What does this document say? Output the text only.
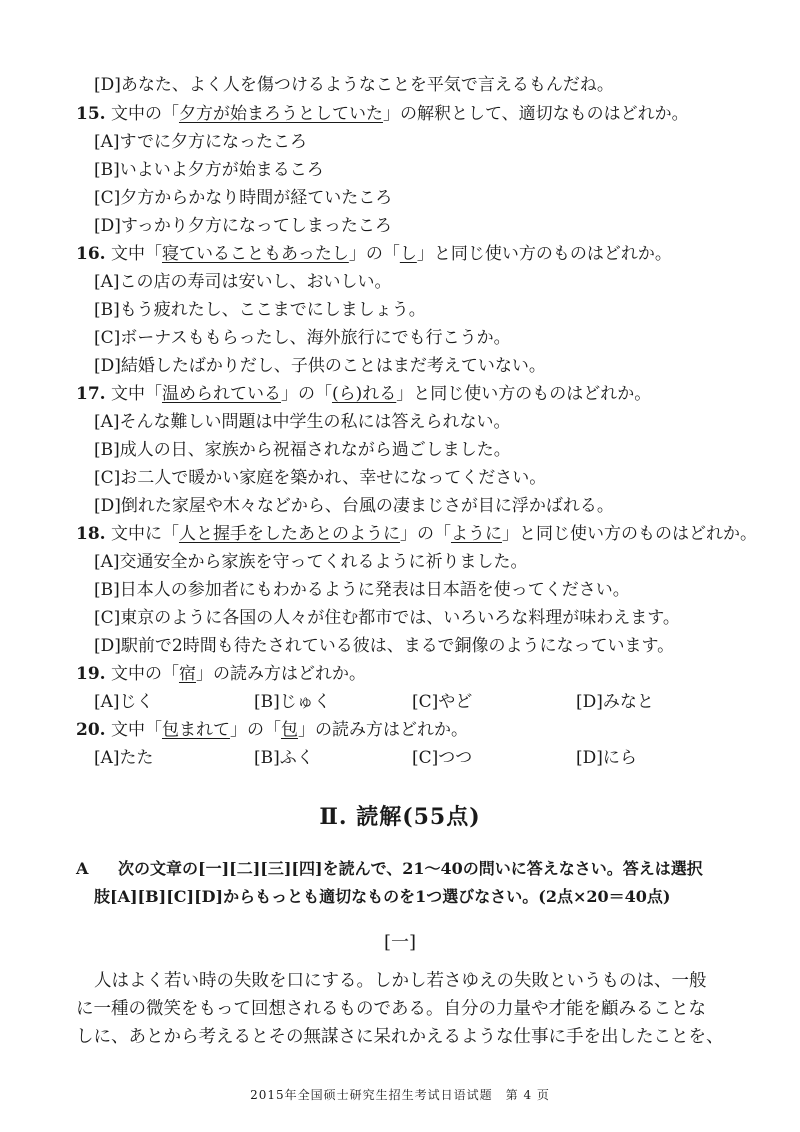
[D]あなた、よく人を傷つけるようなことを平気で言えるもんだね。
15. 文中の「夕方が始まろうとしていた」の解釈として、適切なものはどれか。
[A]すでに夕方になったころ
[B]いよいよ夕方が始まるころ
[C]夕方からかなり時間が経ていたころ
[D]すっかり夕方になってしまったころ
16. 文中「寝ていることもあったし」の「し」と同じ使い方のものはどれか。
[A]この店の寿司は安いし、おいしい。
[B]もう疲れたし、ここまでにしましょう。
[C]ボーナスももらったし、海外旅行にでも行こうか。
[D]結婚したばかりだし、子供のことはまだ考えていない。
17. 文中「温められている」の「(ら)れる」と同じ使い方のものはどれか。
[A]そんな難しい問題は中学生の私には答えられない。
[B]成人の日、家族から祝福されながら過ごしました。
[C]お二人で暖かい家庭を築かれ、幸せになってください。
[D]倒れた家屋や木々などから、台風の凄まじさが目に浮かばれる。
18. 文中に「人と握手をしたあとのように」の「ように」と同じ使い方のものはどれか。
[A]交通安全から家族を守ってくれるように祈りました。
[B]日本人の参加者にもわかるように発表は日本語を使ってください。
[C]東京のように各国の人々が住む都市では、いろいろな料理が味わえます。
[D]駅前で2時間も待たされている彼は、まるで銅像のようになっています。
19. 文中の「宿」の読み方はどれか。
[A]じく	[B]じゅく	[C]やど	[D]みなと
20. 文中「包まれて」の「包」の読み方はどれか。
[A]たた	[B]ふく	[C]つつ	[D]にら
Ⅱ. 読解(55点)
A 次の文章の[一][二][三][四]を読んで、21～40の問いに答えなさい。答えは選択
肢[A][B][C][D]からもっとも適切なものを1つ選びなさい。(2点×20＝40点)
[一]
人はよく若い時の失敗を口にする。しかし若さゆえの失敗というものは、一般
に一種の微笑をもって回想されるものである。自分の力量や才能を顧みることな
しに、あとから考えるとその無謀さに呆れかえるような仕事に手を出したことを、
2015年全国硕士研究生招生考试日语试题　第 4 页
